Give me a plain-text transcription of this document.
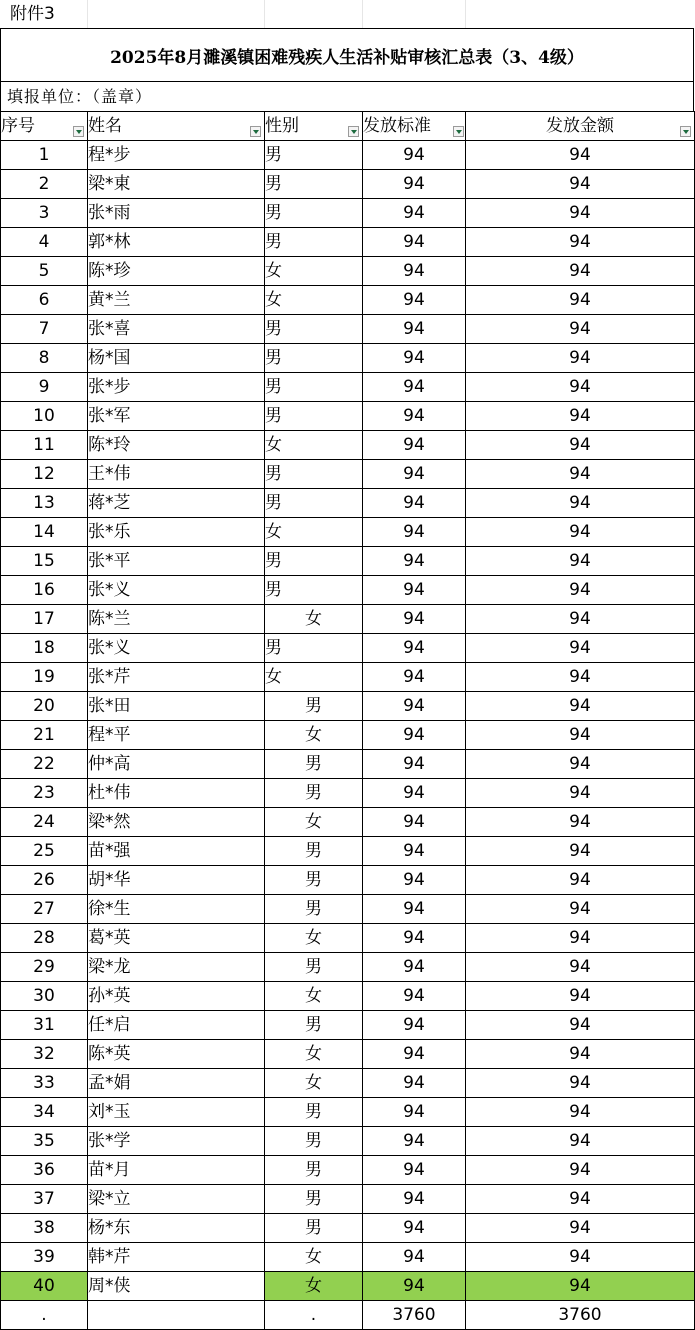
附件3
2025年8月濉溪镇困难残疾人生活补贴审核汇总表（3、4级）
填报单位：（盖章）
序号	姓名	性别	发放标准	发放金额

1	程*步	男	94	94
2	梁*東	男	94	94
3	张*雨	男	94	94
4	郭*林	男	94	94
5	陈*珍	女	94	94
6	黄*兰	女	94	94
7	张*喜	男	94	94
8	杨*国	男	94	94
9	张*步	男	94	94
10	张*军	男	94	94
11	陈*玲	女	94	94
12	王*伟	男	94	94
13	蒋*芝	男	94	94
14	张*乐	女	94	94
15	张*平	男	94	94
16	张*义	男	94	94
17	陈*兰	女	94	94
18	张*义	男	94	94
19	张*芹	女	94	94
20	张*田	男	94	94
21	程*平	女	94	94
22	仲*高	男	94	94
23	杜*伟	男	94	94
24	梁*然	女	94	94
25	苗*强	男	94	94
26	胡*华	男	94	94
27	徐*生	男	94	94
28	葛*英	女	94	94
29	梁*龙	男	94	94
30	孙*英	女	94	94
31	任*启	男	94	94
32	陈*英	女	94	94
33	孟*娟	女	94	94
34	刘*玉	男	94	94
35	张*学	男	94	94
36	苗*月	男	94	94
37	梁*立	男	94	94
38	杨*东	男	94	94
39	韩*芹	女	94	94
40	周*侠	女	94	94
.		.	3760	3760
